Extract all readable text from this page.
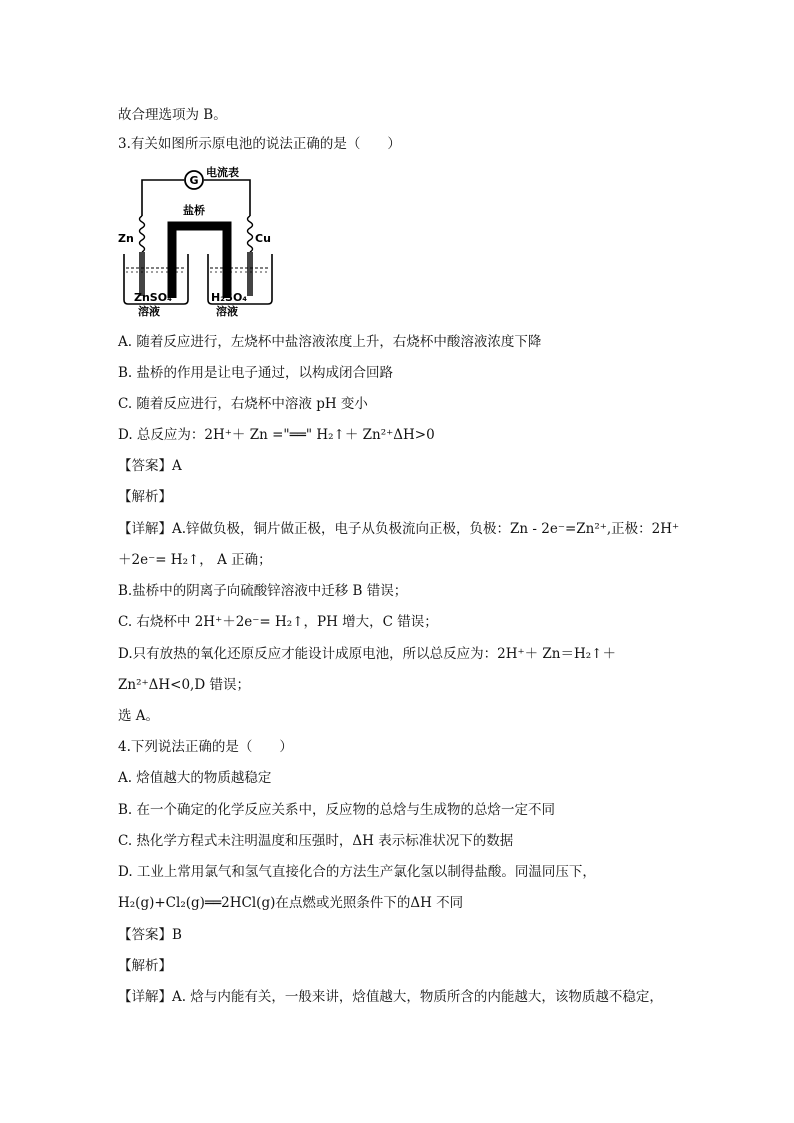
故合理选项为 B。
3.有关如图所示原电池的说法正确的是（　　）
G
电流表
Zn	Cu
盐桥
ZnSO₄
溶液
H₂SO₄
溶液
A. 随着反应进行，左烧杯中盐溶液浓度上升，右烧杯中酸溶液浓度下降
B. 盐桥的作用是让电子通过，以构成闭合回路
C. 随着反应进行，右烧杯中溶液 pH 变小
D. 总反应为：2H⁺＋ Zn ="══" H₂↑＋ Zn²⁺ΔH>0
【答案】A
【解析】
【详解】A.锌做负极，铜片做正极，电子从负极流向正极，负极：Zn - 2e⁻=Zn²⁺,正极：2H⁺
＋2e⁻= H₂↑， A 正确；
B.盐桥中的阴离子向硫酸锌溶液中迁移 B 错误；
C. 右烧杯中 2H⁺＋2e⁻= H₂↑，PH 增大，C 错误；
D.只有放热的氧化还原反应才能设计成原电池，所以总反应为：2H⁺＋ Zn＝H₂↑＋
Zn²⁺ΔH<0,D 错误；
选 A。
4.下列说法正确的是（　　）
A. 焓值越大的物质越稳定
B. 在一个确定的化学反应关系中，反应物的总焓与生成物的总焓一定不同
C. 热化学方程式未注明温度和压强时，ΔH 表示标准状况下的数据
D. 工业上常用氯气和氢气直接化合的方法生产氯化氢以制得盐酸。同温同压下，
H₂(g)+Cl₂(g)══2HCl(g)在点燃或光照条件下的ΔH 不同
【答案】B
【解析】
【详解】A. 焓与内能有关，一般来讲，焓值越大，物质所含的内能越大，该物质越不稳定，
